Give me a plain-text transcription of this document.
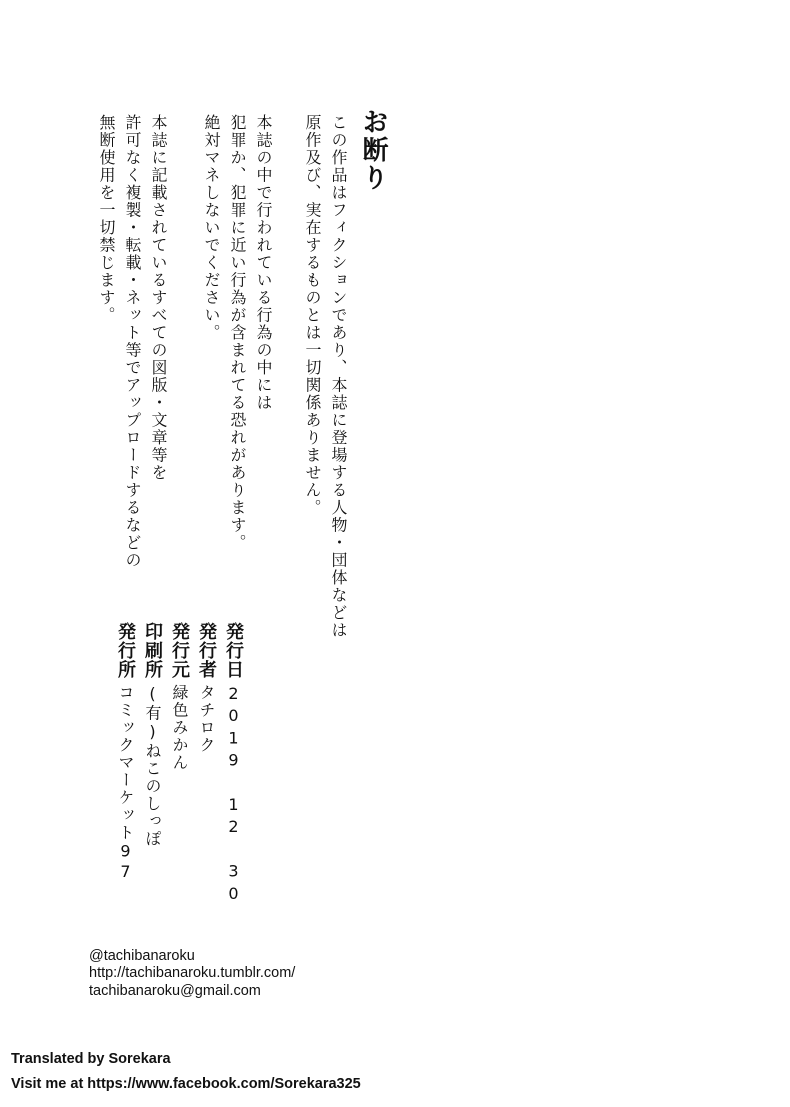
お断り
この作品はフィクションであり、本誌に登場する人物・団体などは
原作及び、実在するものとは一切関係ありません。
本誌の中で行われている行為の中には
犯罪か、犯罪に近い行為が含まれてる恐れがあります。
絶対マネしないでください。
本誌に記載されているすべての図版・文章等を
許可なく複製・転載・ネット等でアップロードするなどの
無断使用を一切禁じます。
発行日
発行者
発行元
印刷所
発行所
2019 12 30
タチロク
緑色みかん
(有)ねこのしっぽ
コミックマーケット97
@tachibanaroku
http://tachibanaroku.tumblr.com/
tachibanaroku@gmail.com
Translated by Sorekara
Visit me at https://www.facebook.com/Sorekara325
